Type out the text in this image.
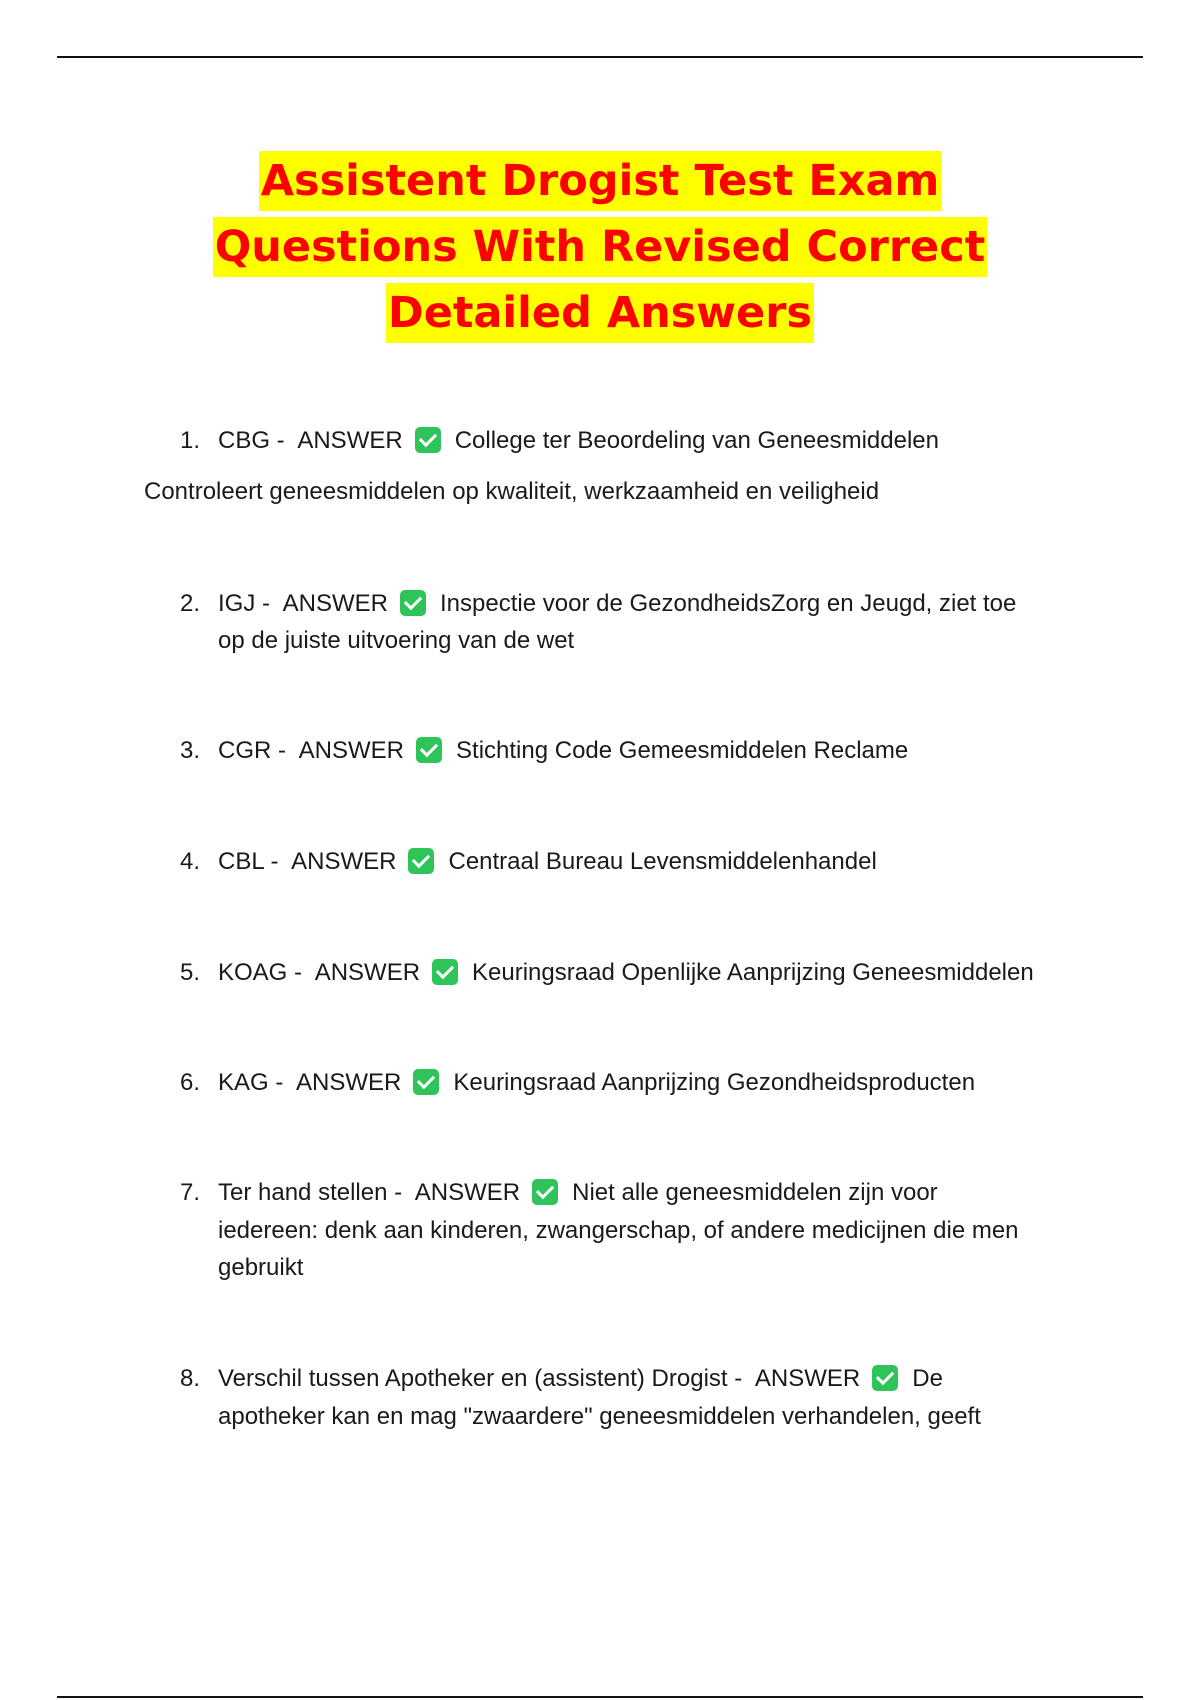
Assistent Drogist Test Exam
Questions With Revised Correct
Detailed Answers
1. CBG - ANSWER College ter Beoordeling van Geneesmiddelen
Controleert geneesmiddelen op kwaliteit, werkzaamheid en veiligheid
2. IGJ - ANSWER Inspectie voor de GezondheidsZorg en Jeugd, ziet toe
op de juiste uitvoering van de wet
3. CGR - ANSWER Stichting Code Gemeesmiddelen Reclame
4. CBL - ANSWER Centraal Bureau Levensmiddelenhandel
5. KOAG - ANSWER Keuringsraad Openlijke Aanprijzing Geneesmiddelen
6. KAG - ANSWER Keuringsraad Aanprijzing Gezondheidsproducten
7. Ter hand stellen - ANSWER Niet alle geneesmiddelen zijn voor
iedereen: denk aan kinderen, zwangerschap, of andere medicijnen die men
gebruikt
8. Verschil tussen Apotheker en (assistent) Drogist - ANSWER De
apotheker kan en mag "zwaardere" geneesmiddelen verhandelen, geeft
